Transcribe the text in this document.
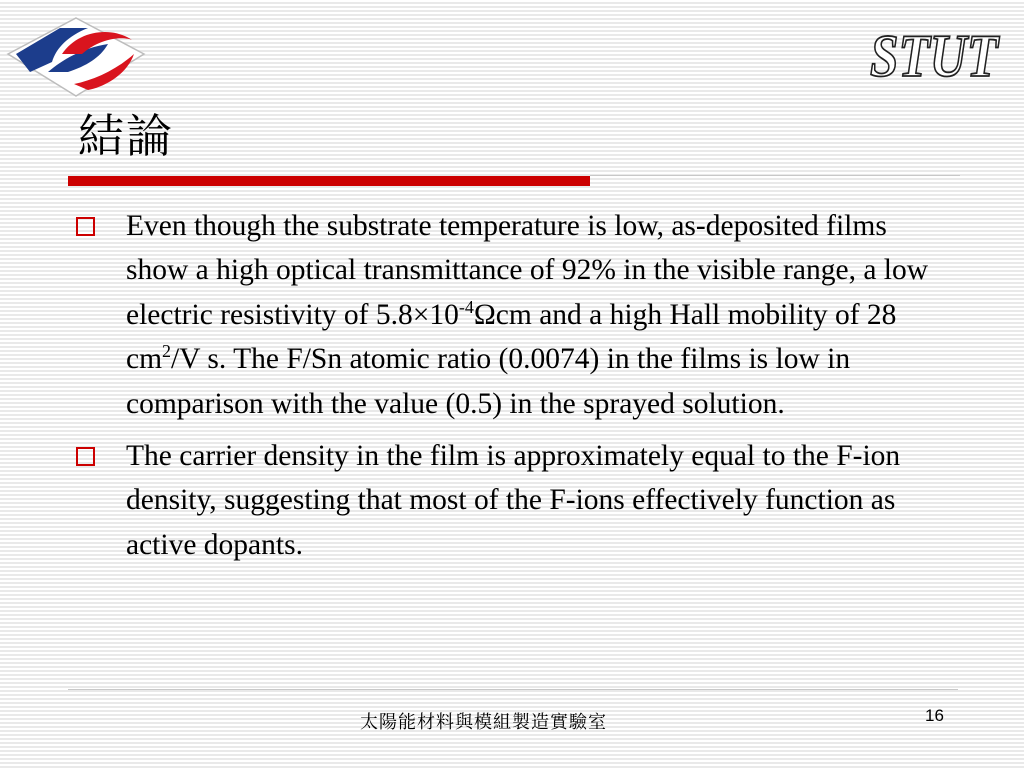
STUT
結論
Even though the substrate temperature is low, as-deposited films show a high optical transmittance of 92% in the visible range, a low electric resistivity of $5.8\times 10^{-4}\Omega cm$ and a high Hall mobility of 28 $cm^2/V$ s. The F/Sn atomic ratio (0.0074) in the films is low in comparison with the value (0.5) in the sprayed solution.
The carrier density in the film is approximately equal to the F-ion density, suggesting that most of the F-ions effectively function as active dopants.
太陽能材料與模組製造實驗室	16
